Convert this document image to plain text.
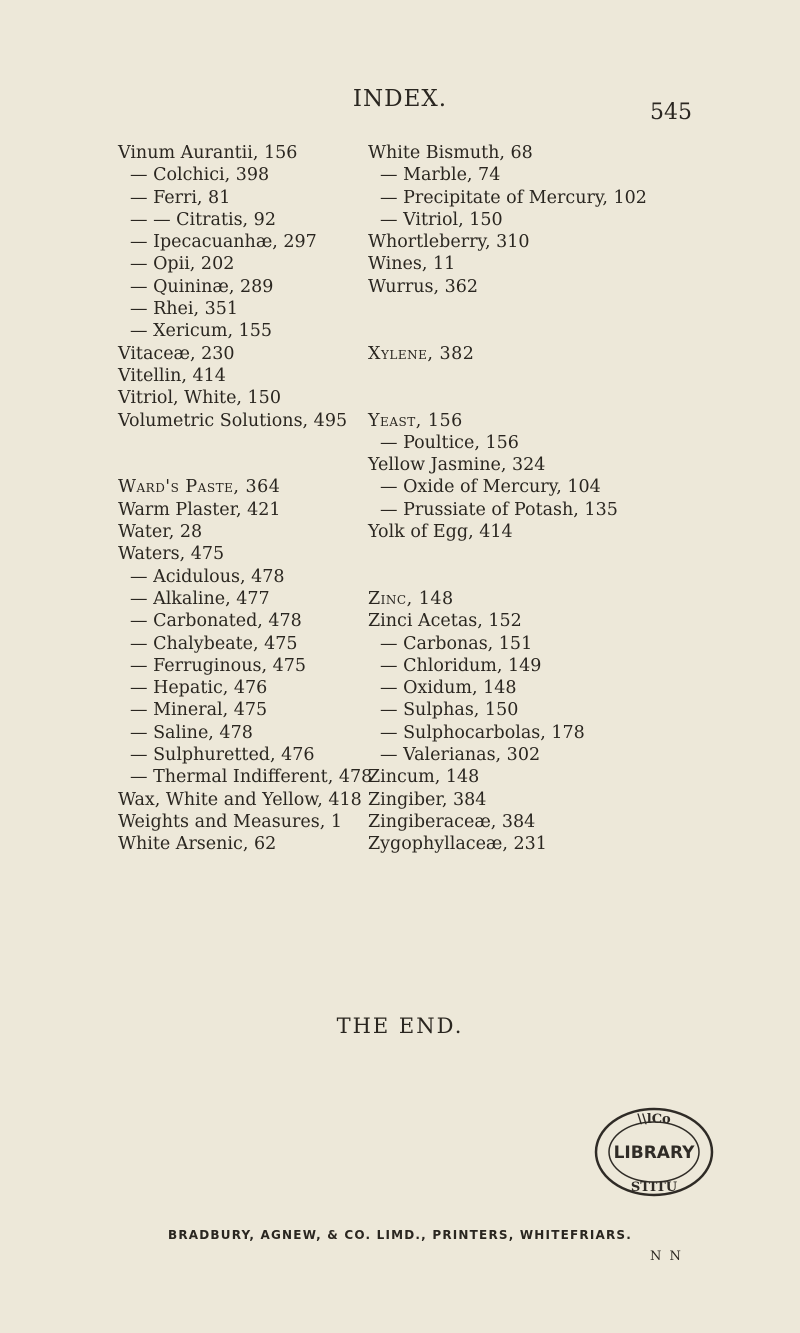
INDEX.
545
Vinum Aurantii, 156
— Colchici, 398
— Ferri, 81
— — Citratis, 92
— Ipecacuanhæ, 297
— Opii, 202
— Quininæ, 289
— Rhei, 351
— Xericum, 155
Vitaceæ, 230
Vitellin, 414
Vitriol, White, 150
Volumetric Solutions, 495
Ward's Paste, 364
Warm Plaster, 421
Water, 28
Waters, 475
— Acidulous, 478
— Alkaline, 477
— Carbonated, 478
— Chalybeate, 475
— Ferruginous, 475
— Hepatic, 476
— Mineral, 475
— Saline, 478
— Sulphuretted, 476
— Thermal Indifferent, 478
Wax, White and Yellow, 418
Weights and Measures, 1
White Arsenic, 62
White Bismuth, 68
— Marble, 74
— Precipitate of Mercury, 102
— Vitriol, 150
Whortleberry, 310
Wines, 11
Wurrus, 362
Xylene, 382
Yeast, 156
— Poultice, 156
Yellow Jasmine, 324
— Oxide of Mercury, 104
— Prussiate of Potash, 135
Yolk of Egg, 414
Zinc, 148
Zinci Acetas, 152
— Carbonas, 151
— Chloridum, 149
— Oxidum, 148
— Sulphas, 150
— Sulphocarbolas, 178
— Valerianas, 302
Zincum, 148
Zingiber, 384
Zingiberaceæ, 384
Zygophyllaceæ, 231
THE END.
LIBRARY
\\lCo
STITU
BRADBURY, AGNEW, & CO. LIMD., PRINTERS, WHITEFRIARS.
N N
